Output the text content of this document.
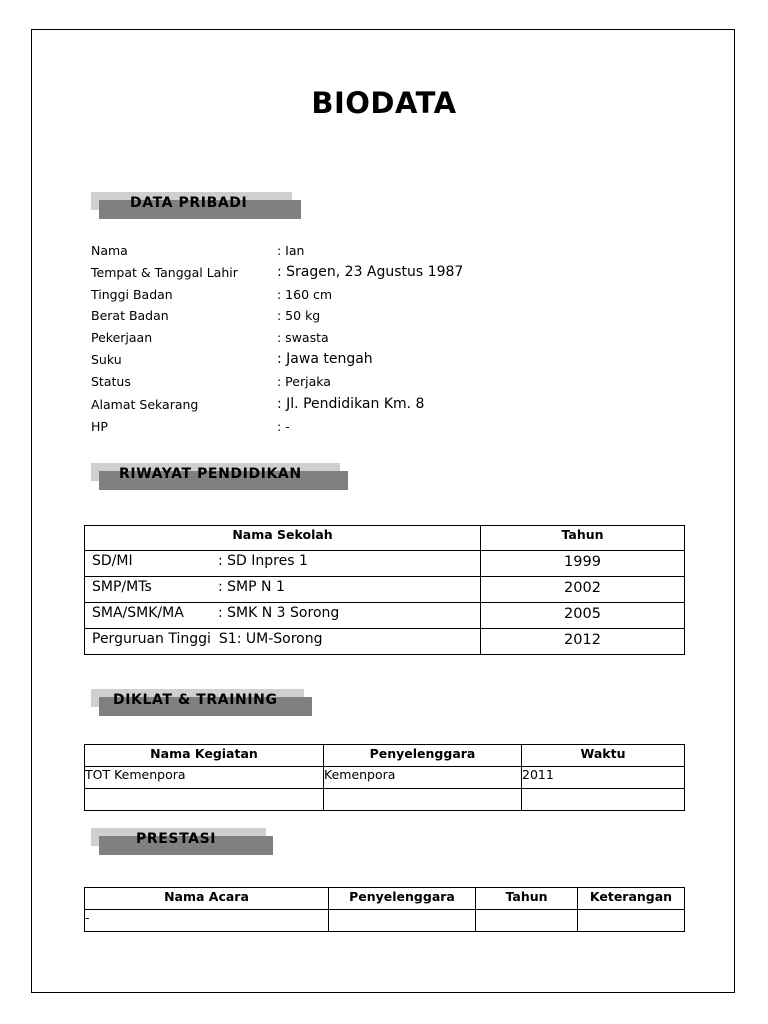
BIODATA
DATA PRIBADI
Nama	: Ian
Tempat & Tanggal Lahir	: Sragen, 23 Agustus 1987
Tinggi Badan	: 160 cm
Berat Badan	: 50 kg
Pekerjaan	: swasta
Suku	: Jawa tengah
Status	: Perjaka
Alamat Sekarang	: Jl. Pendidikan Km. 8
HP	: -
RIWAYAT PENDIDIKAN
Nama Sekolah	Tahun
SD/MI : SD Inpres 1	1999
SMP/MTs : SMP N 1	2002
SMA/SMK/MA : SMK N 3 Sorong	2005
Perguruan Tinggi S1: UM-Sorong	2012
DIKLAT & TRAINING
Nama Kegiatan	Penyelenggara	Waktu
TOT Kemenpora	Kemenpora	2011

PRESTASI
Nama Acara	Penyelenggara	Tahun	Keterangan
-			
